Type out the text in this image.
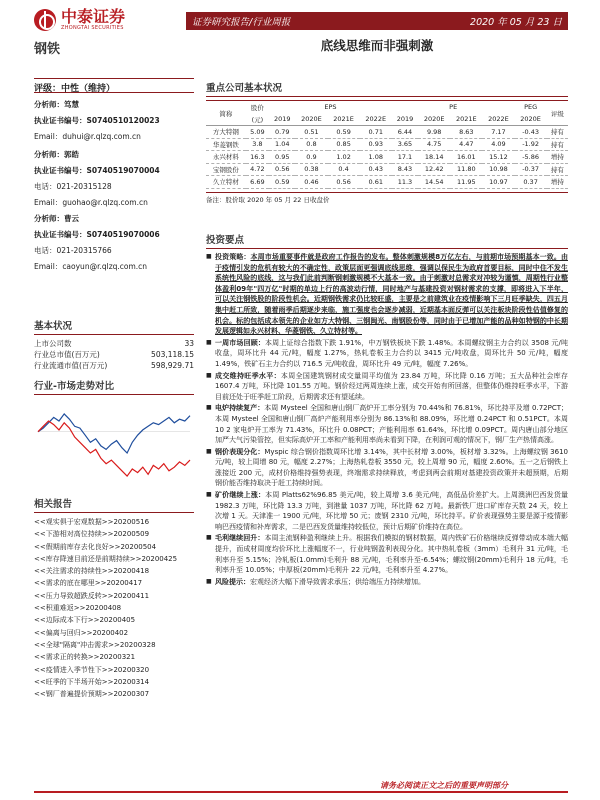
中泰证券
ZHONGTAI SECURITIES	证券研究报告/行业周报	2020 年 05 月 23 日
钢铁	底线思维而非强刺激
评级：中性（维持）
分析师：笃慧
执业证书编号：S0740510120023
Email：duhui@r.qlzq.com.cn
分析师：郭皓
执业证书编号：S0740519070004
电话：021-20315128
Email：guohao@r.qlzq.com.cn
分析师：曹云
执业证书编号：S0740519070006
电话：021-20315766
Email：caoyun@r.qlzq.com.cn
基本状况
上市公司数	33
行业总市值(百万元)	503,118.15
行业流通市值(百万元)	598,929.71
行业-市场走势对比
相关报告
<<观实俱于宏观数据>>20200516
<<下游相对高位持续>>20200509
<<假期前库存去化良好>>20200504
<<库存降速目前还是前期持续>>20200425
<<关注需求的持续性>>20200418
<<需求的底在哪里>>20200417
<<压力导致超跌反转>>20200411
<<积重难返>>20200408
<<边际成本下行>>20200405
<<偏离与回归>>20200402
<<全球"隔离"冲击需求>>20200328
<<需求正的转换>>20200321
<<疫情进入季节性下>>20200320
<<旺季的下半场开始>>20200314
<<钢厂普遍提价预期>>20200307
重点公司基本状况
简称	股价	EPS				PE				PEG	评级
	(元)	2019	2020E	2021E	2022E	2019	2020E	2021E	2022E	2020E	
方大特钢	5.09	0.79	0.51	0.59	0.71	6.44	9.98	8.63	7.17	-0.43	持有
华菱钢铁	3.8	1.04	0.8	0.85	0.93	3.65	4.75	4.47	4.09	-1.92	持有
永兴材料	16.3	0.95	0.9	1.02	1.08	17.1	18.14	16.01	15.12	-5.86	增持
宝钢股份	4.72	0.56	0.38	0.4	0.43	8.43	12.42	11.80	10.98	-0.37	持有
久立特材	6.69	0.59	0.46	0.56	0.61	11.3	14.54	11.95	10.97	0.37	增持
备注：股价取 2020 年 05 月 22 日收盘价
投资要点

■ 投资策略：本周市场重要事件就是政府工作报告的发布。整体刺激规模8万亿左右，与前期市场预期基本一致。由于疫情引发的危机有较大的不确定性，政策层面更强调底线思维，强调以保民生为政府首要目标，同时中住不发生系统性风险的底线，这与我们此前判断钢刺激规模不大基本一致。由于刺激对总需求对冲较为谨慎，周期性行业整体盈利09年"四万亿"时期的单边上行的高波动行情，同时地产与基建投资对钢材需求的支撑，即将进入下半年，可以关注钢铁股的阶段性机会。近期钢铁需求仍比较旺盛，主要是之前建筑业在疫情影响下三月旺季缺失，四五月集中赶工所致，随着雨季后期逐步来临，施工强度也会逐步减弱，近期基本面反弹可以关注板块阶段性估值修复的机会。标的包括成本领先的企业如方大特钢、三钢闽光、南钢股份等，同时由于已增加产能的品种如特钢的中长期发展逻辑如永兴材料、华菱钢铁、久立特材等。

■ 一周市场回顾：本周上证综合指数下跌 1.91%，中万钢铁板块下跌 1.48%。本周螺纹钢主力合约以 3508 元/吨收盘，周环比升 44 元/吨，幅度 1.27%，热轧卷板主力合约以 3415 元/吨收盘，周环比升 50 元/吨，幅度 1.49%，铁矿石主力合约以 716.5 元/吨收盘，周环比升 49 元/吨，幅度 7.26%。

■ 成交维持旺季水平：本周全国建筑钢材成交量周平均值为 23.84 万吨，环比降 0.16 万吨；五大品种社会库存 1607.4 万吨，环比降 101.55 万吨。钢价经过两周连续上涨，成交开始有所回落，但整体仍维持旺季水平，下游目前还处于旺季赶工阶段，后期需求还有望延续。

■ 电炉持续复产：本周 Mysteel 全国和唐山钢厂高炉开工率分别为 70.44%和 76.81%，环比持平及增 0.72PCT；本周 Mysteel 全国和唐山钢厂高炉产能利用率分别为 86.13%和 88.09%，环比增 0.24PCT 和 0.51PCT。本周 10 2 家电炉开工率为 71.43%，环比升 0.08PCT；产能利用率 61.64%，环比增 0.09PCT。周内唐山部分地区加严大气污染管控，但实际高炉开工率和产能利用率尚未看到下降，在利润可观的情况下，钢厂生产热情高涨。

■ 钢价表现分化：Myspic 综合钢价指数周环比增 3.14%，其中长材增 3.00%，板材增 3.32%。上海螺纹钢 3610 元/吨，较上周增 80 元，幅度 2.27%；上海热轧卷板 3550 元，较上周增 90 元，幅度 2.60%。五一之后钢铁上涨接近 200 元，成材价格维持强势表现，终端需求持续释放，考虑到两会前期对基建投资政策并未超预期，后期钢价能否维持取决于赶工持续时间。

■ 矿价继续上涨：本周 Platts62%96.85 美元/吨，较上周增 3.6 美元/吨，高低品价差扩大。上周澳洲巴西发货量 1982.3 万吨，环比降 13.3 万吨，到港量 1037 万吨，环比降 62 万吨。最新铁厂进口矿库存天数 24 天，较上次增 1 天。天津准一 1900 元/吨，环比增 50 元；废钢 2310 元/吨，环比持平。矿价表现强势主要是源于疫情影响巴西疫情和补库需求，二是巴西发货量维持较低位，预计后期矿价维持在高位。

■ 毛利继续回升：本周主流钢种盈利继续上升。根据我们模拟的钢材数据，周内铁矿石价格继续反弹带动成本端大幅提升，而成材周度均价环比上涨幅度不一，行业吨钢盈利表现分化。其中热轧卷板（3mm）毛利升 31 元/吨，毛利率升至 5.15%；冷轧板(1.0mm)毛利升 88 元/吨，毛利率升至-6.54%；螺纹钢(20mm)毛利升 18 元/吨，毛利率升至 10.05%；中厚板(20mm)毛利升 22 元/吨，毛利率升至 4.27%。

■ 风险提示：宏观经济大幅下滑导致需求承压；供给端压力持续增加。

请务必阅读正文之后的重要声明部分
